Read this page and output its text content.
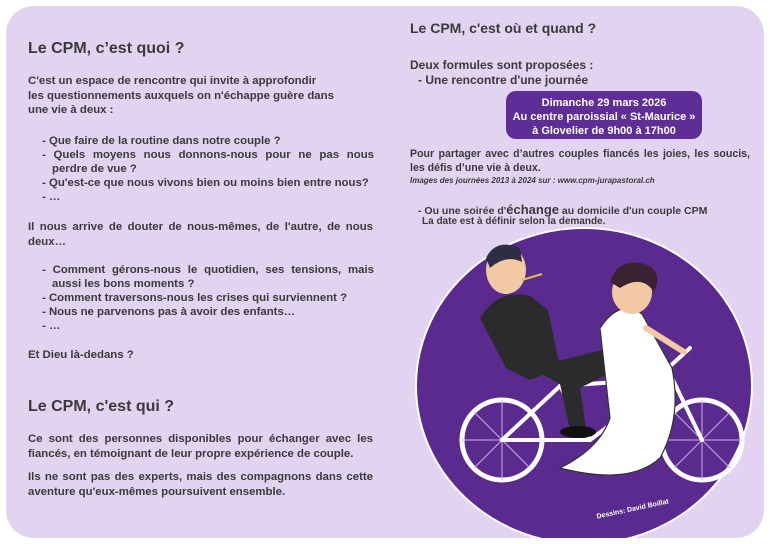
Le CPM, c’est quoi ?
C'est un espace de rencontre qui invite à approfondir
les questionnements auxquels on n'échappe guère dans
une vie à deux :
- Que faire de la routine dans notre couple ?
- Quels moyens nous donnons-nous pour ne pas nous perdre de vue ?
- Qu'est-ce que nous vivons bien ou moins bien entre nous?
- …
Il nous arrive de douter de nous-mêmes, de l'autre, de nous deux…
- Comment gérons-nous le quotidien, ses tensions, mais aussi les bons moments ?
- Comment traversons-nous les crises qui surviennent ?
- Nous ne parvenons pas à avoir des enfants…
- …
Et Dieu là-dedans ?
Le CPM, c'est qui ?
Ce sont des personnes disponibles pour échanger avec les fiancés, en témoignant de leur propre expérience de couple.
Ils ne sont pas des experts, mais des compagnons dans cette aventure qu'eux-mêmes poursuivent ensemble.
Le CPM, c'est où et quand ?
Deux formules sont proposées :
- Une rencontre d'une journée
Dimanche 29 mars 2026
Au centre paroissial « St-Maurice »
à Glovelier de 9h00 à 17h00
Pour partager avec d’autres couples fiancés les joies, les soucis, les défis d’une vie à deux.
Images des journées 2013 à 2024 sur : www.cpm-jurapastoral.ch
- Ou une soirée d'échange au domicile d'un couple CPM
La date est à définir selon la demande.
Dessins: David Boillat
